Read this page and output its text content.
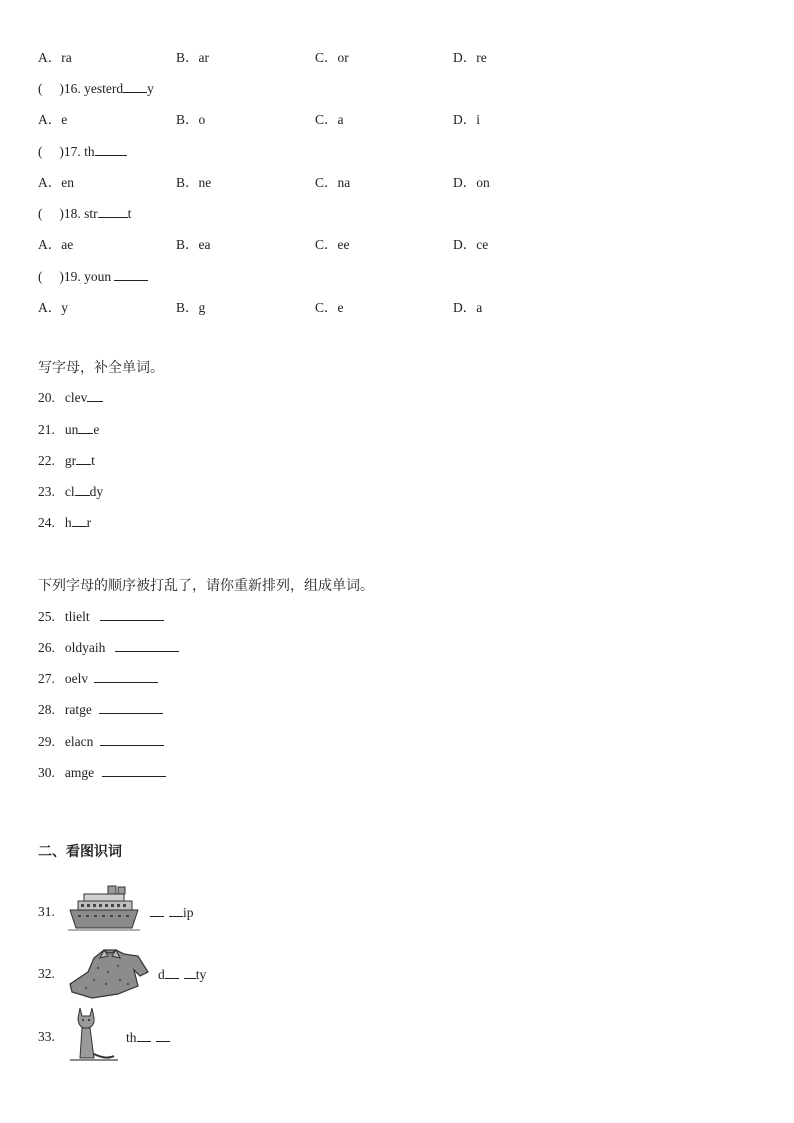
A．ra	B．ar	C．or	D．re
(　 )16. yesterd y
A．e	B．o	C．a	D．i
(　 )17. th
A．en	B．ne	C．na	D．on
(　 )18. str t
A．ae	B．ea	C．ee	D．ce
(　 )19. youn
A．y	B．g	C．e	D．a
写字母，补全单词。
20. clev
21. un e
22. gr t
23. cl dy
24. h r
下列字母的顺序被打乱了，请你重新排列，组成单词。
25. tlielt
26. oldyaih
27. oelv
28. ratge
29. elacn
30. amge
二、看图识词
31.	ip
32.	d ty
33.	th
